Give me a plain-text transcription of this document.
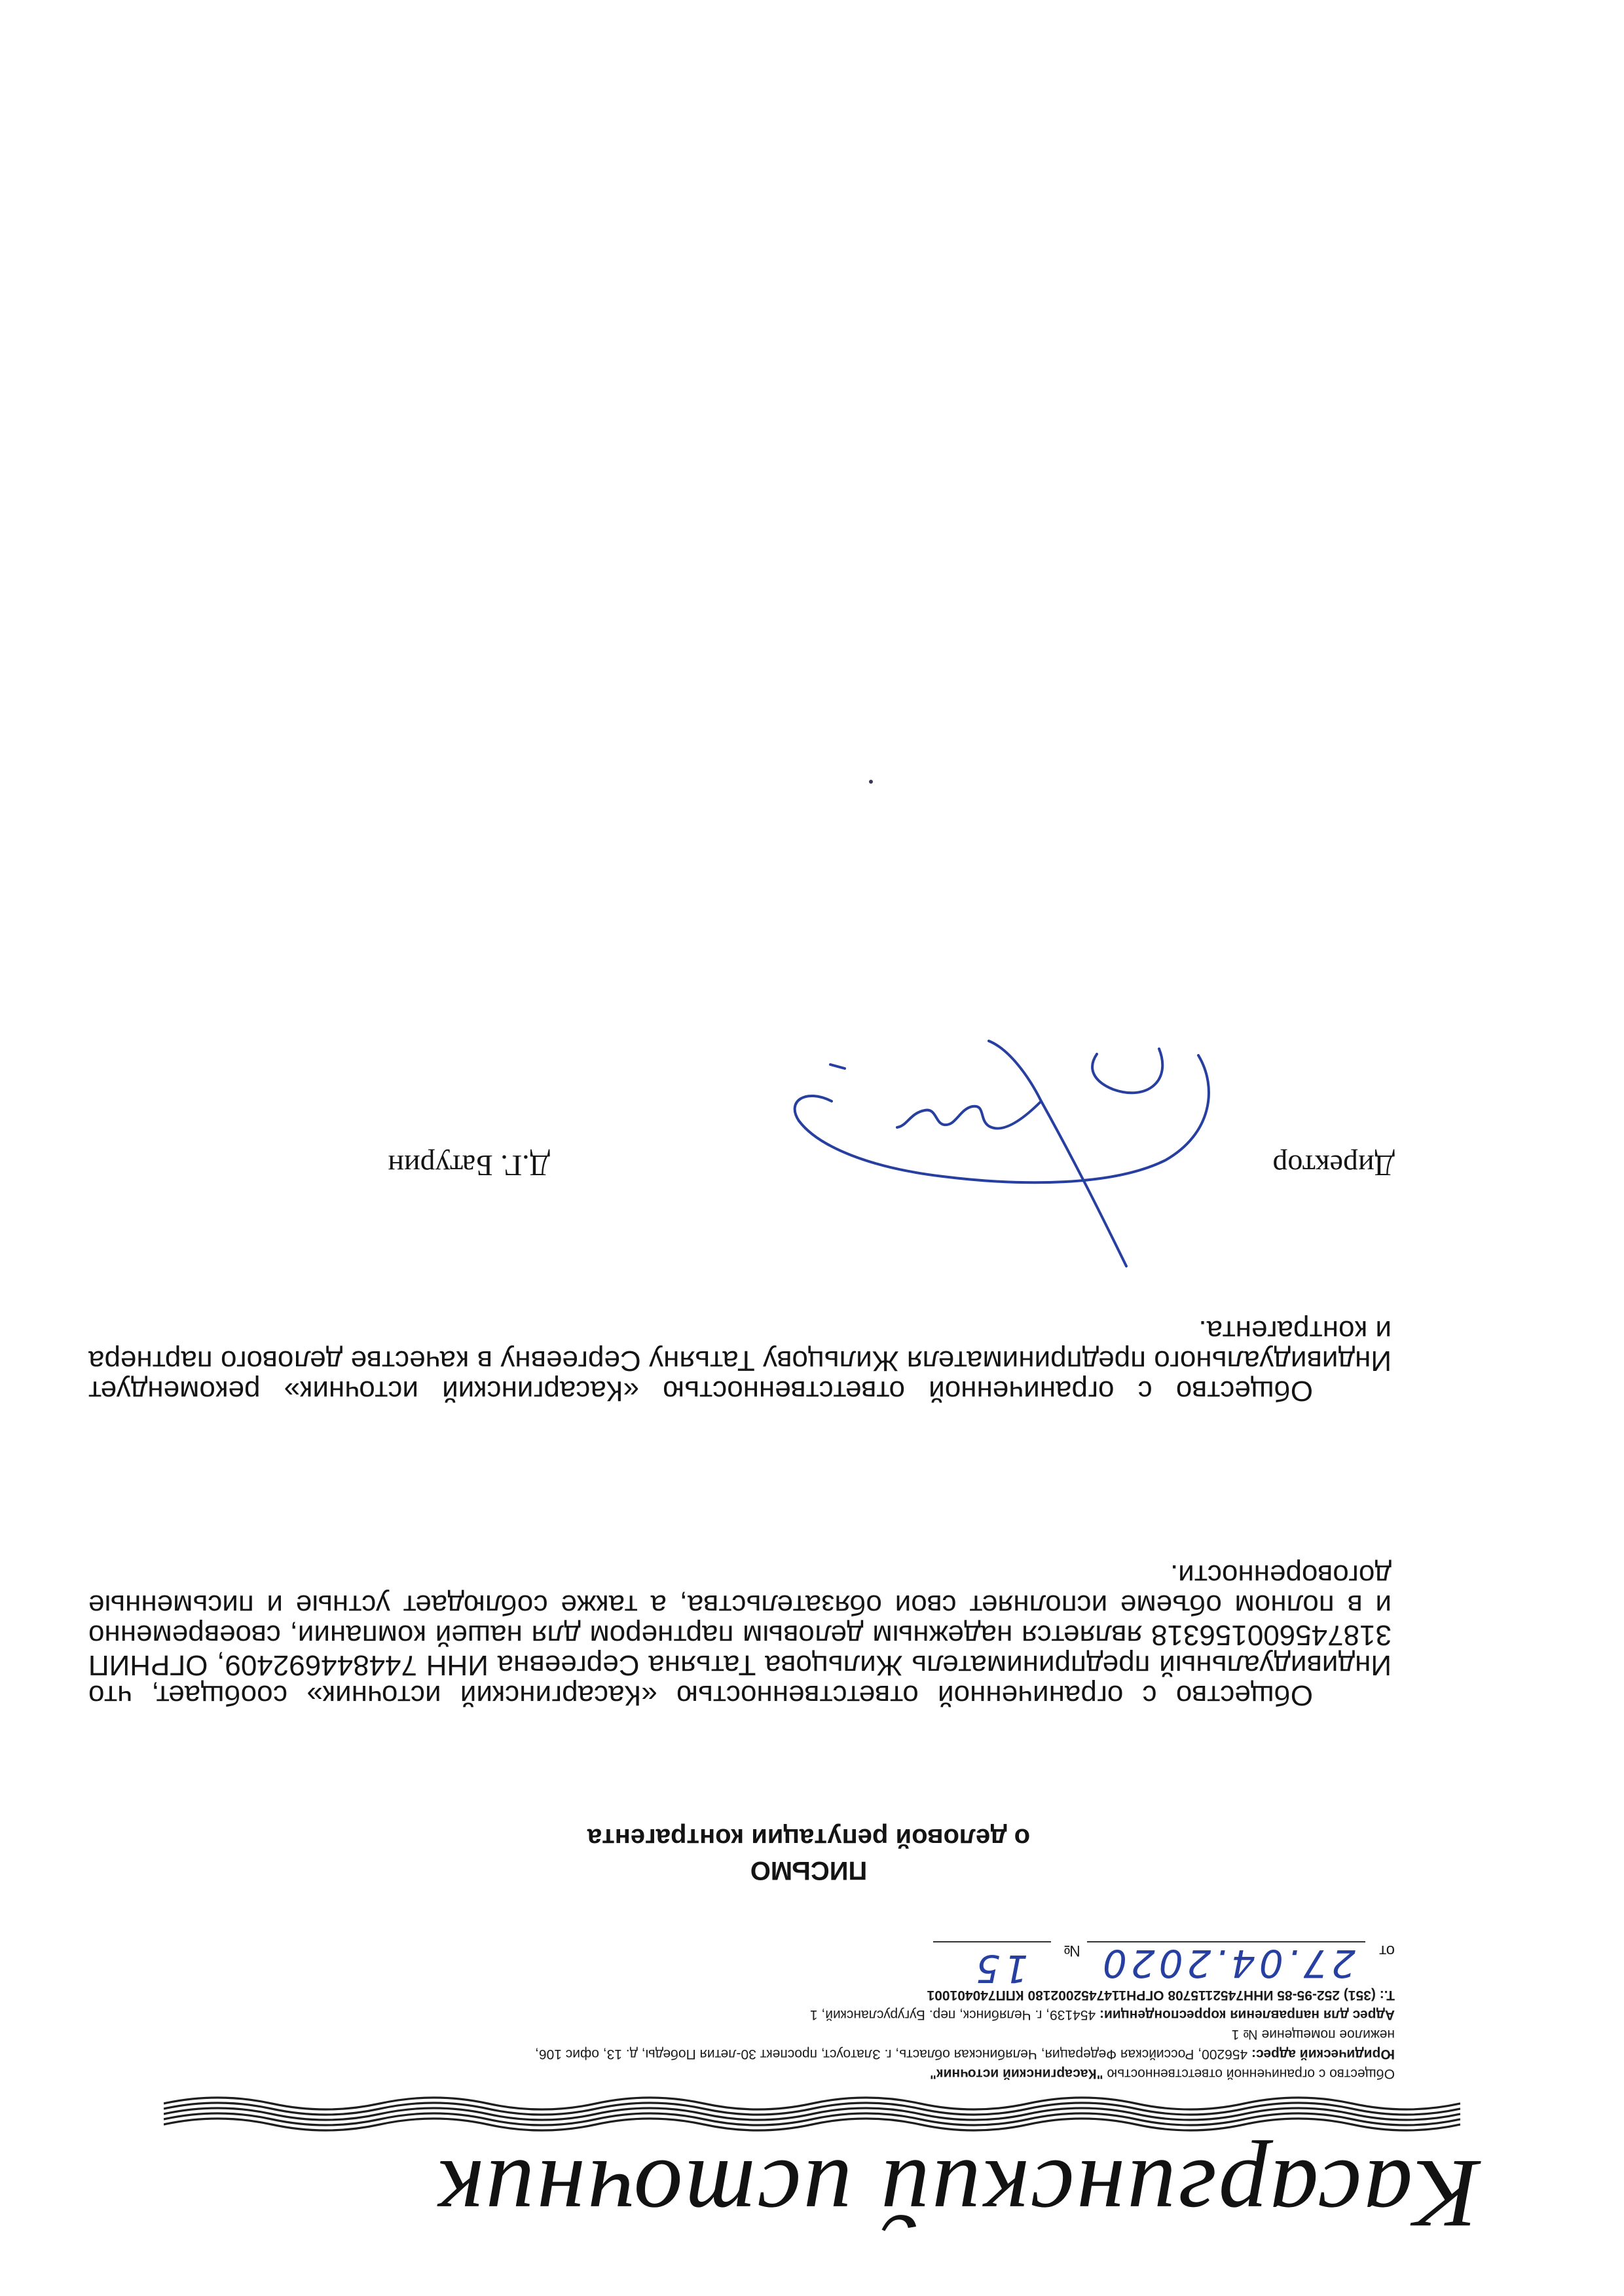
Касаргинский источник
Общество с ограниченной ответственностью "Касаргинский источник"
Юридический адрес: 456200, Российская Федерация, Челябинская область, г. Златоуст, проспект 30-летия Победы, д. 13, офис 106,
нежилое помещение № 1
Адрес для направления корреспонденции: 454139, г. Челябинск, пер. Бугурусланский, 1
Т.: (351) 252-95-85 ИНН7452115708 ОГРН1147452002180 КПП740401001
от
№ 27.04.2020
15
ПИСЬМО
о деловой репутации контрагента

Общество с ограниченной ответственностью «Касаргинский источник» сообщает, что Индивидуальный предприниматель Жильцова Татьяна Сергеевна ИНН 744844692409, ОГРНИП 318745600156318 является надежным деловым партнером для нашей компании, своевременно и в полном объеме исполняет свои обязательства, а также соблюдает устные и письменные договоренности.

Общество с ограниченной ответственностью «Касаргинский источник» рекомендует Индивидуального предпринимателя Жильцову Татьяну Сергеевну в качестве делового партнера и контрагента.

Директор
Д.Г. Батурин
